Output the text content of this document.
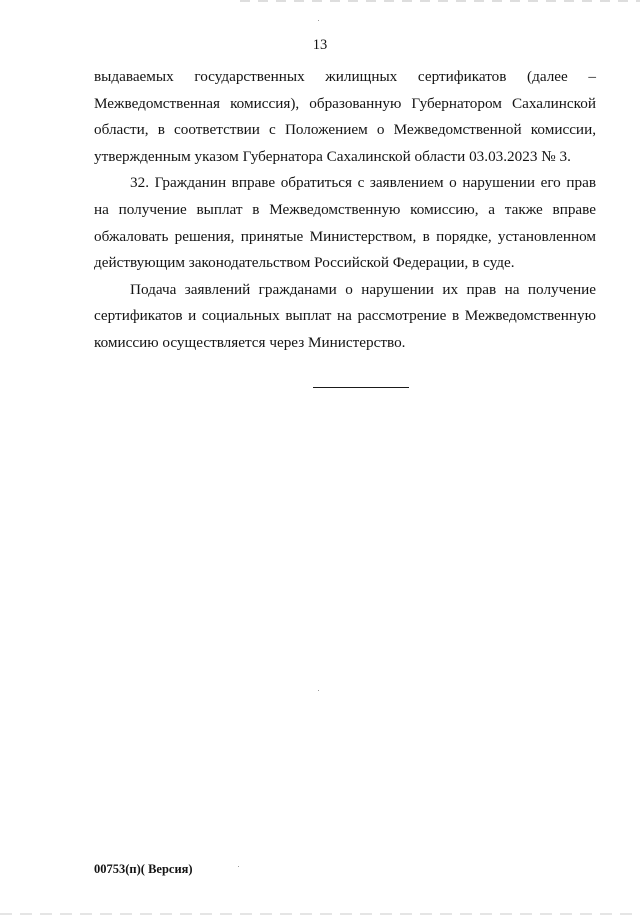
13

выдаваемых государственных жилищных сертификатов (далее – Межведомственная комиссия), образованную Губернатором Сахалинской области, в соответствии с Положением о Межведомственной комиссии, утвержденным указом Губернатора Сахалинской области 03.03.2023 № 3.

32. Гражданин вправе обратиться с заявлением о нарушении его прав на получение выплат в Межведомственную комиссию, а также вправе обжаловать решения, принятые Министерством, в порядке, установленном действующим законодательством Российской Федерации, в суде.

Подача заявлений гражданами о нарушении их прав на получение сертификатов и социальных выплат на рассмотрение в Межведомственную комиссию осуществляется через Министерство.

00753(п)( Версия)
